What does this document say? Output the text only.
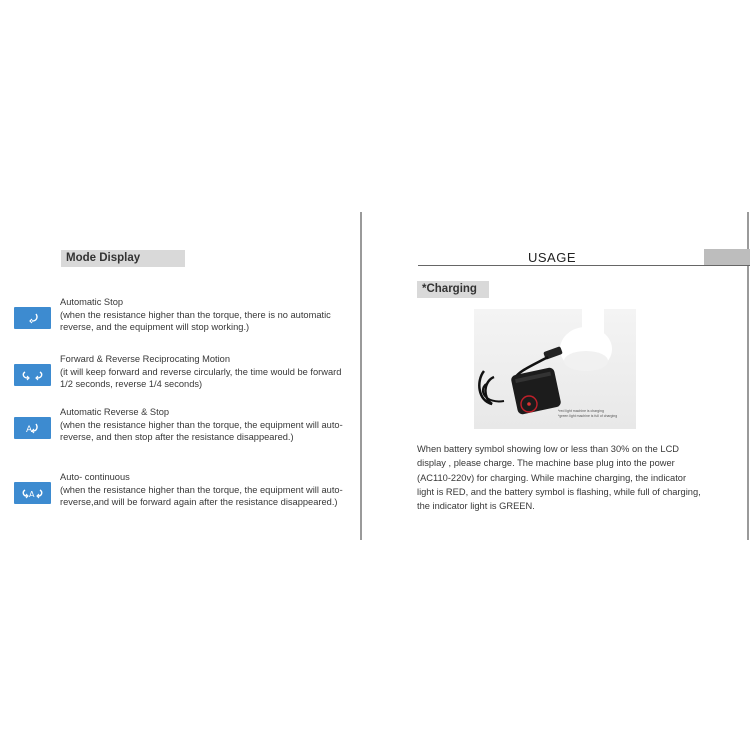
Mode Display
Automatic Stop
(when the resistance higher than the torque, there is no automatic reverse, and the equipment will stop working.)
Forward & Reverse Reciprocating Motion
(it will keep forward and reverse circularly, the time would be forward 1/2 seconds, reverse 1/4 seconds)
A
Automatic Reverse & Stop
(when the resistance higher than the torque, the equipment will auto-reverse, and then stop after the resistance disappeared.)
A
Auto- continuous
(when the resistance higher than the torque, the equipment will auto-reverse,and will be forward again after the resistance disappeared.)
USAGE
*Charging
*red light machine is charging
*green light machine is full of charging
When battery symbol showing low or less than 30% on the LCD display , please charge. The machine base plug into the power (AC110-220v) for charging. While machine charging, the indicator light is RED, and the battery symbol is flashing, while full of charging, the indicator light is GREEN.
